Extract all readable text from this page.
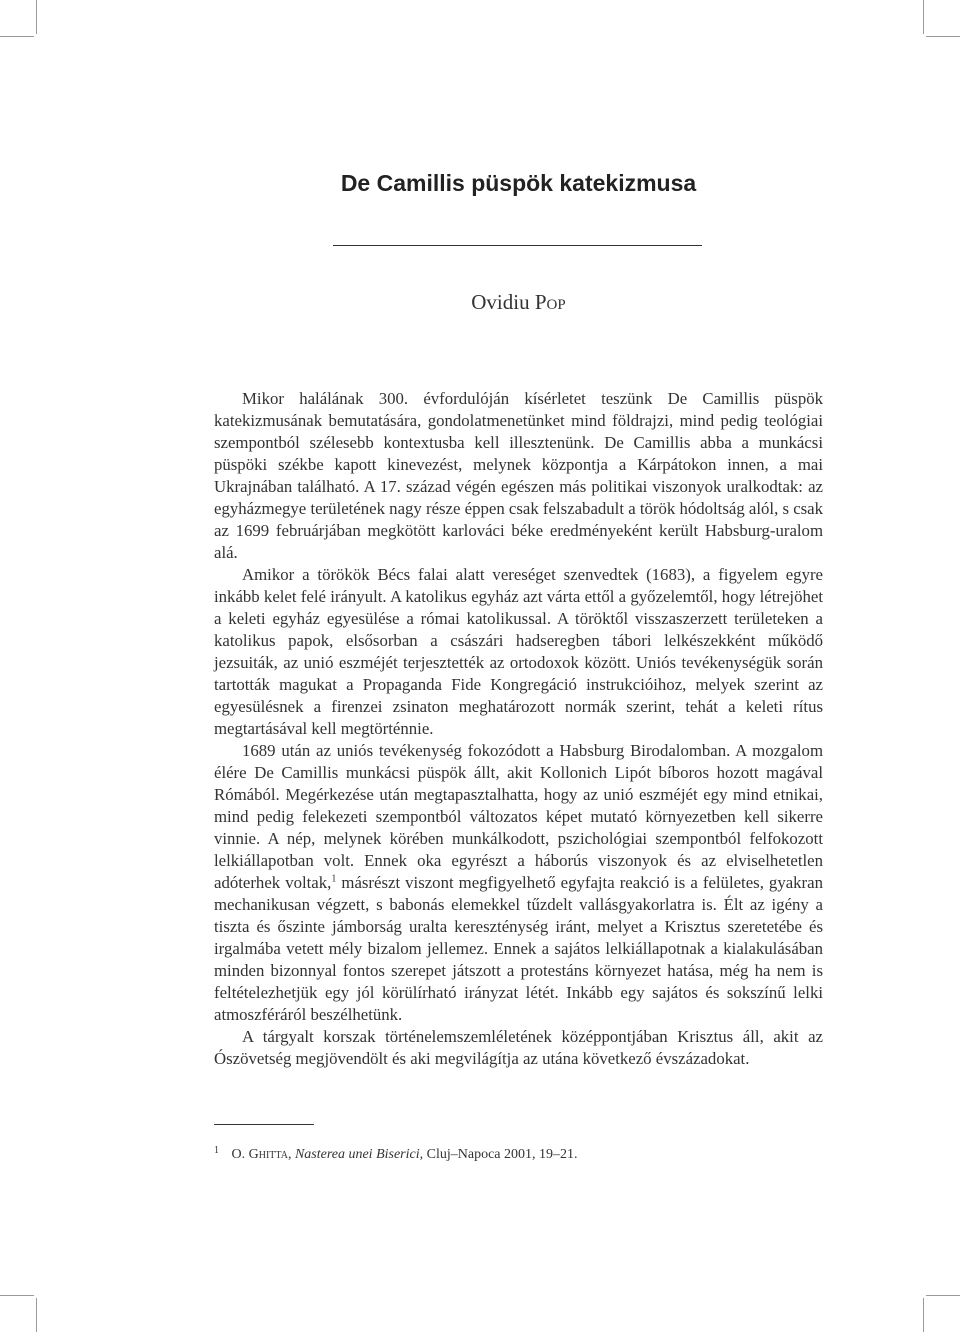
De Camillis püspök katekizmusa
Ovidiu Pop

Mikor halálának 300. évfordulóján kísérletet teszünk De Camillis püspök katekizmusának bemutatására, gondolatmenetünket mind földrajzi, mind pedig teológiai szempontból szélesebb kontextusba kell illesztenünk. De Camillis abba a munkácsi püspöki székbe kapott kinevezést, melynek központja a Kárpátokon innen, a mai Ukrajnában található. A 17. század végén egészen más politikai viszonyok uralkodtak: az egyházmegye területének nagy része éppen csak felszabadult a török hódoltság alól, s csak az 1699 februárjában megkötött karlováci béke eredményeként került Habsburg-uralom alá.

Amikor a törökök Bécs falai alatt vereséget szenvedtek (1683), a figyelem egyre inkább kelet felé irányult. A katolikus egyház azt várta ettől a győzelemtől, hogy létrejöhet a keleti egyház egyesülése a római katolikussal. A töröktől visszaszerzett területeken a katolikus papok, elsősorban a császári hadseregben tábori lelkészekként működő jezsuiták, az unió eszméjét terjesztették az ortodoxok között. Uniós tevékenységük során tartották magukat a Propaganda Fide Kongregáció instrukcióihoz, melyek szerint az egyesülésnek a firenzei zsinaton meghatározott normák szerint, tehát a keleti rítus megtartásával kell megtörténnie.

1689 után az uniós tevékenység fokozódott a Habsburg Birodalomban. A mozgalom élére De Camillis munkácsi püspök állt, akit Kollonich Lipót bíboros hozott magával Rómából. Megérkezése után megtapasztalhatta, hogy az unió eszméjét egy mind etnikai, mind pedig felekezeti szempontból változatos képet mutató környezetben kell sikerre vinnie. A nép, melynek körében munkálkodott, pszichológiai szempontból felfokozott lelkiállapotban volt. Ennek oka egyrészt a háborús viszonyok és az elviselhetetlen adóterhek voltak,$^1$ másrészt viszont megfigyelhető egyfajta reakció is a felületes, gyakran mechanikusan végzett, s babonás elemekkel tűzdelt vallásgyakorlatra is. Élt az igény a tiszta és őszinte jámborság uralta kereszténység iránt, melyet a Krisztus szeretetébe és irgalmába vetett mély bizalom jellemez. Ennek a sajátos lelkiállapotnak a kialakulásában minden bizonnyal fontos szerepet játszott a protestáns környezet hatása, még ha nem is feltételezhetjük egy jól körülírható irányzat létét. Inkább egy sajátos és sokszínű lelki atmoszféráról beszélhetünk.

A tárgyalt korszak történelemszemléletének középpontjában Krisztus áll, akit az Ószövetség megjövendölt és aki megvilágítja az utána következő évszázadokat.

1 O. Ghitta, Nasterea unei Biserici, Cluj–Napoca 2001, 19–21.
